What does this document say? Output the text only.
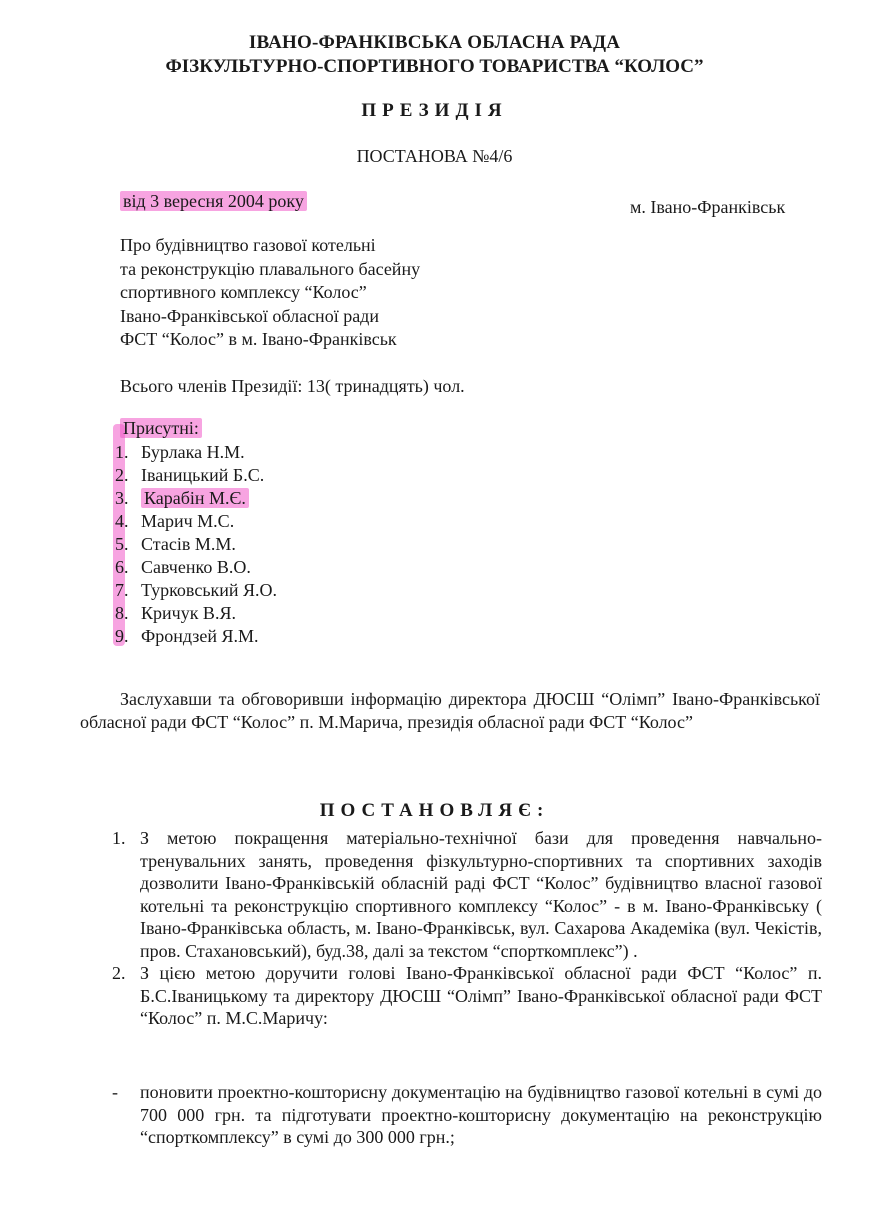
ІВАНО-ФРАНКІВСЬКА ОБЛАСНА РАДА
ФІЗКУЛЬТУРНО-СПОРТИВНОГО ТОВАРИСТВА “КОЛОС”
ПРЕЗИДІЯ
ПОСТАНОВА №4/6
від 3 вересня 2004 року	м. Івано-Франківськ
Про будівництво газової котельні
та реконструкцію плавального басейну
спортивного комплексу “Колос”
Івано-Франківської обласної ради
ФСТ “Колос” в м. Івано-Франківськ
Всього членів Президії: 13( тринадцять) чол.
Присутні:
1. Бурлака Н.М.
2. Іваницький Б.С.
3. Карабін М.Є.
4. Марич М.С.
5. Стасів М.М.
6. Савченко В.О.
7. Турковський Я.О.
8. Кричук В.Я.
9. Фрондзей Я.М.
Заслухавши та обговоривши інформацію директора ДЮСШ “Олімп” Івано-Франківської обласної ради ФСТ “Колос” п. М.Марича, президія обласної ради ФСТ “Колос”
ПОСТАНОВЛЯЄ:
1. З метою покращення матеріально-технічної бази для проведення навчально-тренувальних занять, проведення фізкультурно-спортивних та спортивних заходів дозволити Івано-Франківській обласній раді ФСТ “Колос” будівництво власної газової котельні та реконструкцію спортивного комплексу “Колос” - в м. Івано-Франківську ( Івано-Франківська область, м. Івано-Франківськ, вул. Сахарова Академіка (вул. Чекістів, пров. Стахановський), буд.38, далі за текстом “спорткомплекс”) .
2. З цією метою доручити голові Івано-Франківської обласної ради ФСТ “Колос” п. Б.С.Іваницькому та директору ДЮСШ “Олімп” Івано-Франківської обласної ради ФСТ “Колос” п. М.С.Маричу:
-	поновити проектно-кошторисну документацію на будівництво газової котельні в сумі до 700 000 грн. та підготувати проектно-кошторисну документацію на реконструкцію “спорткомплексу” в сумі до 300 000 грн.;
